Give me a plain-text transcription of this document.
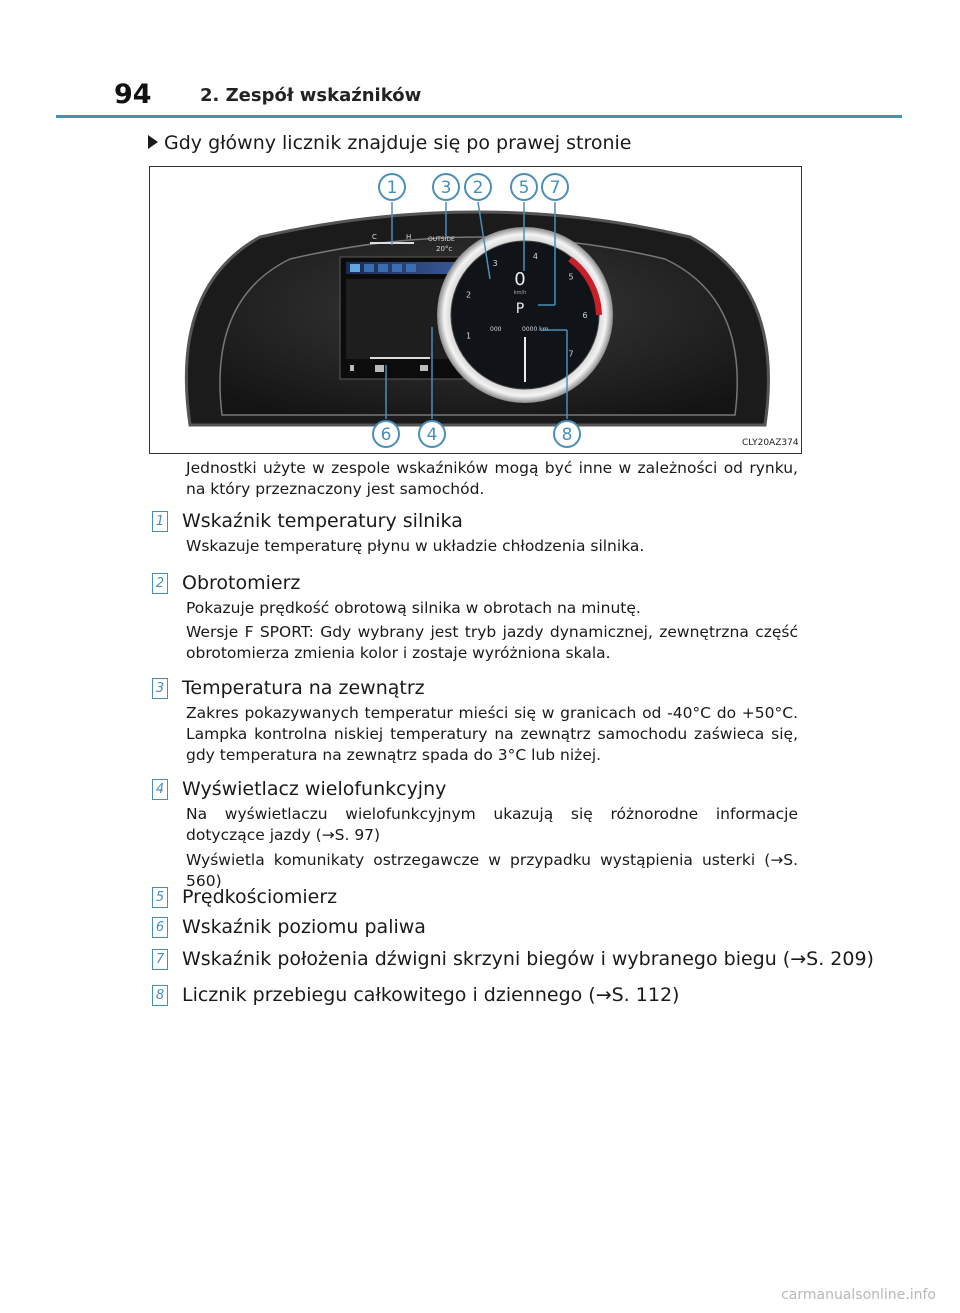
94	2. Zespół wskaźników
Gdy główny licznik znajduje się po prawej stronie
C	H	OUTSIDE
20°c
1
2
3
4
5
6
7
0
km/h
P
000	0000 km
1	3 2 5 7
6 4	8	CLY20AZ374
Jednostki użyte w zespole wskaźników mogą być inne w zależności od rynku, na który przeznaczony jest samochód.
1 Wskaźnik temperatury silnika
Wskazuje temperaturę płynu w układzie chłodzenia silnika.
2 Obrotomierz
Pokazuje prędkość obrotową silnika w obrotach na minutę.
Wersje F SPORT: Gdy wybrany jest tryb jazdy dynamicznej, zewnętrzna część obrotomierza zmienia kolor i zostaje wyróżniona skala.
3 Temperatura na zewnątrz
Zakres pokazywanych temperatur mieści się w granicach od -40°C do +50°C. Lampka kontrolna niskiej temperatury na zewnątrz samochodu zaświeca się, gdy temperatura na zewnątrz spada do 3°C lub niżej.
4 Wyświetlacz wielofunkcyjny
Na wyświetlaczu wielofunkcyjnym ukazują się różnorodne informacje dotyczące jazdy (→S. 97)
Wyświetla komunikaty ostrzegawcze w przypadku wystąpienia usterki (→S. 560)
5 Prędkościomierz
6 Wskaźnik poziomu paliwa
7 Wskaźnik położenia dźwigni skrzyni biegów i wybranego biegu (→S. 209)
8 Licznik przebiegu całkowitego i dziennego (→S. 112)
carmanualsonline.info
